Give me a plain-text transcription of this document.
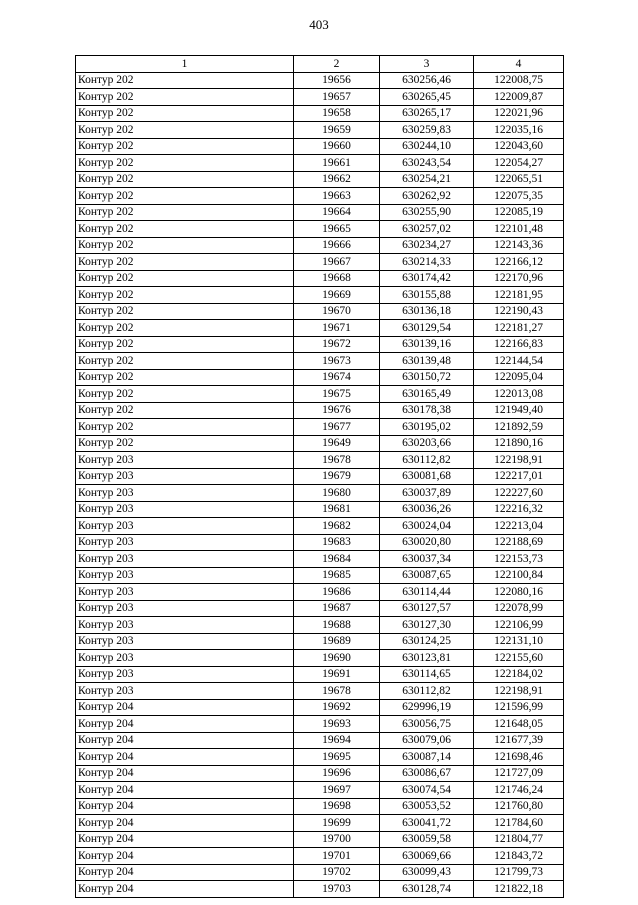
403
1	2	3	4
Контур 202	19656	630256,46	122008,75
Контур 202	19657	630265,45	122009,87
Контур 202	19658	630265,17	122021,96
Контур 202	19659	630259,83	122035,16
Контур 202	19660	630244,10	122043,60
Контур 202	19661	630243,54	122054,27
Контур 202	19662	630254,21	122065,51
Контур 202	19663	630262,92	122075,35
Контур 202	19664	630255,90	122085,19
Контур 202	19665	630257,02	122101,48
Контур 202	19666	630234,27	122143,36
Контур 202	19667	630214,33	122166,12
Контур 202	19668	630174,42	122170,96
Контур 202	19669	630155,88	122181,95
Контур 202	19670	630136,18	122190,43
Контур 202	19671	630129,54	122181,27
Контур 202	19672	630139,16	122166,83
Контур 202	19673	630139,48	122144,54
Контур 202	19674	630150,72	122095,04
Контур 202	19675	630165,49	122013,08
Контур 202	19676	630178,38	121949,40
Контур 202	19677	630195,02	121892,59
Контур 202	19649	630203,66	121890,16
Контур 203	19678	630112,82	122198,91
Контур 203	19679	630081,68	122217,01
Контур 203	19680	630037,89	122227,60
Контур 203	19681	630036,26	122216,32
Контур 203	19682	630024,04	122213,04
Контур 203	19683	630020,80	122188,69
Контур 203	19684	630037,34	122153,73
Контур 203	19685	630087,65	122100,84
Контур 203	19686	630114,44	122080,16
Контур 203	19687	630127,57	122078,99
Контур 203	19688	630127,30	122106,99
Контур 203	19689	630124,25	122131,10
Контур 203	19690	630123,81	122155,60
Контур 203	19691	630114,65	122184,02
Контур 203	19678	630112,82	122198,91
Контур 204	19692	629996,19	121596,99
Контур 204	19693	630056,75	121648,05
Контур 204	19694	630079,06	121677,39
Контур 204	19695	630087,14	121698,46
Контур 204	19696	630086,67	121727,09
Контур 204	19697	630074,54	121746,24
Контур 204	19698	630053,52	121760,80
Контур 204	19699	630041,72	121784,60
Контур 204	19700	630059,58	121804,77
Контур 204	19701	630069,66	121843,72
Контур 204	19702	630099,43	121799,73
Контур 204	19703	630128,74	121822,18
